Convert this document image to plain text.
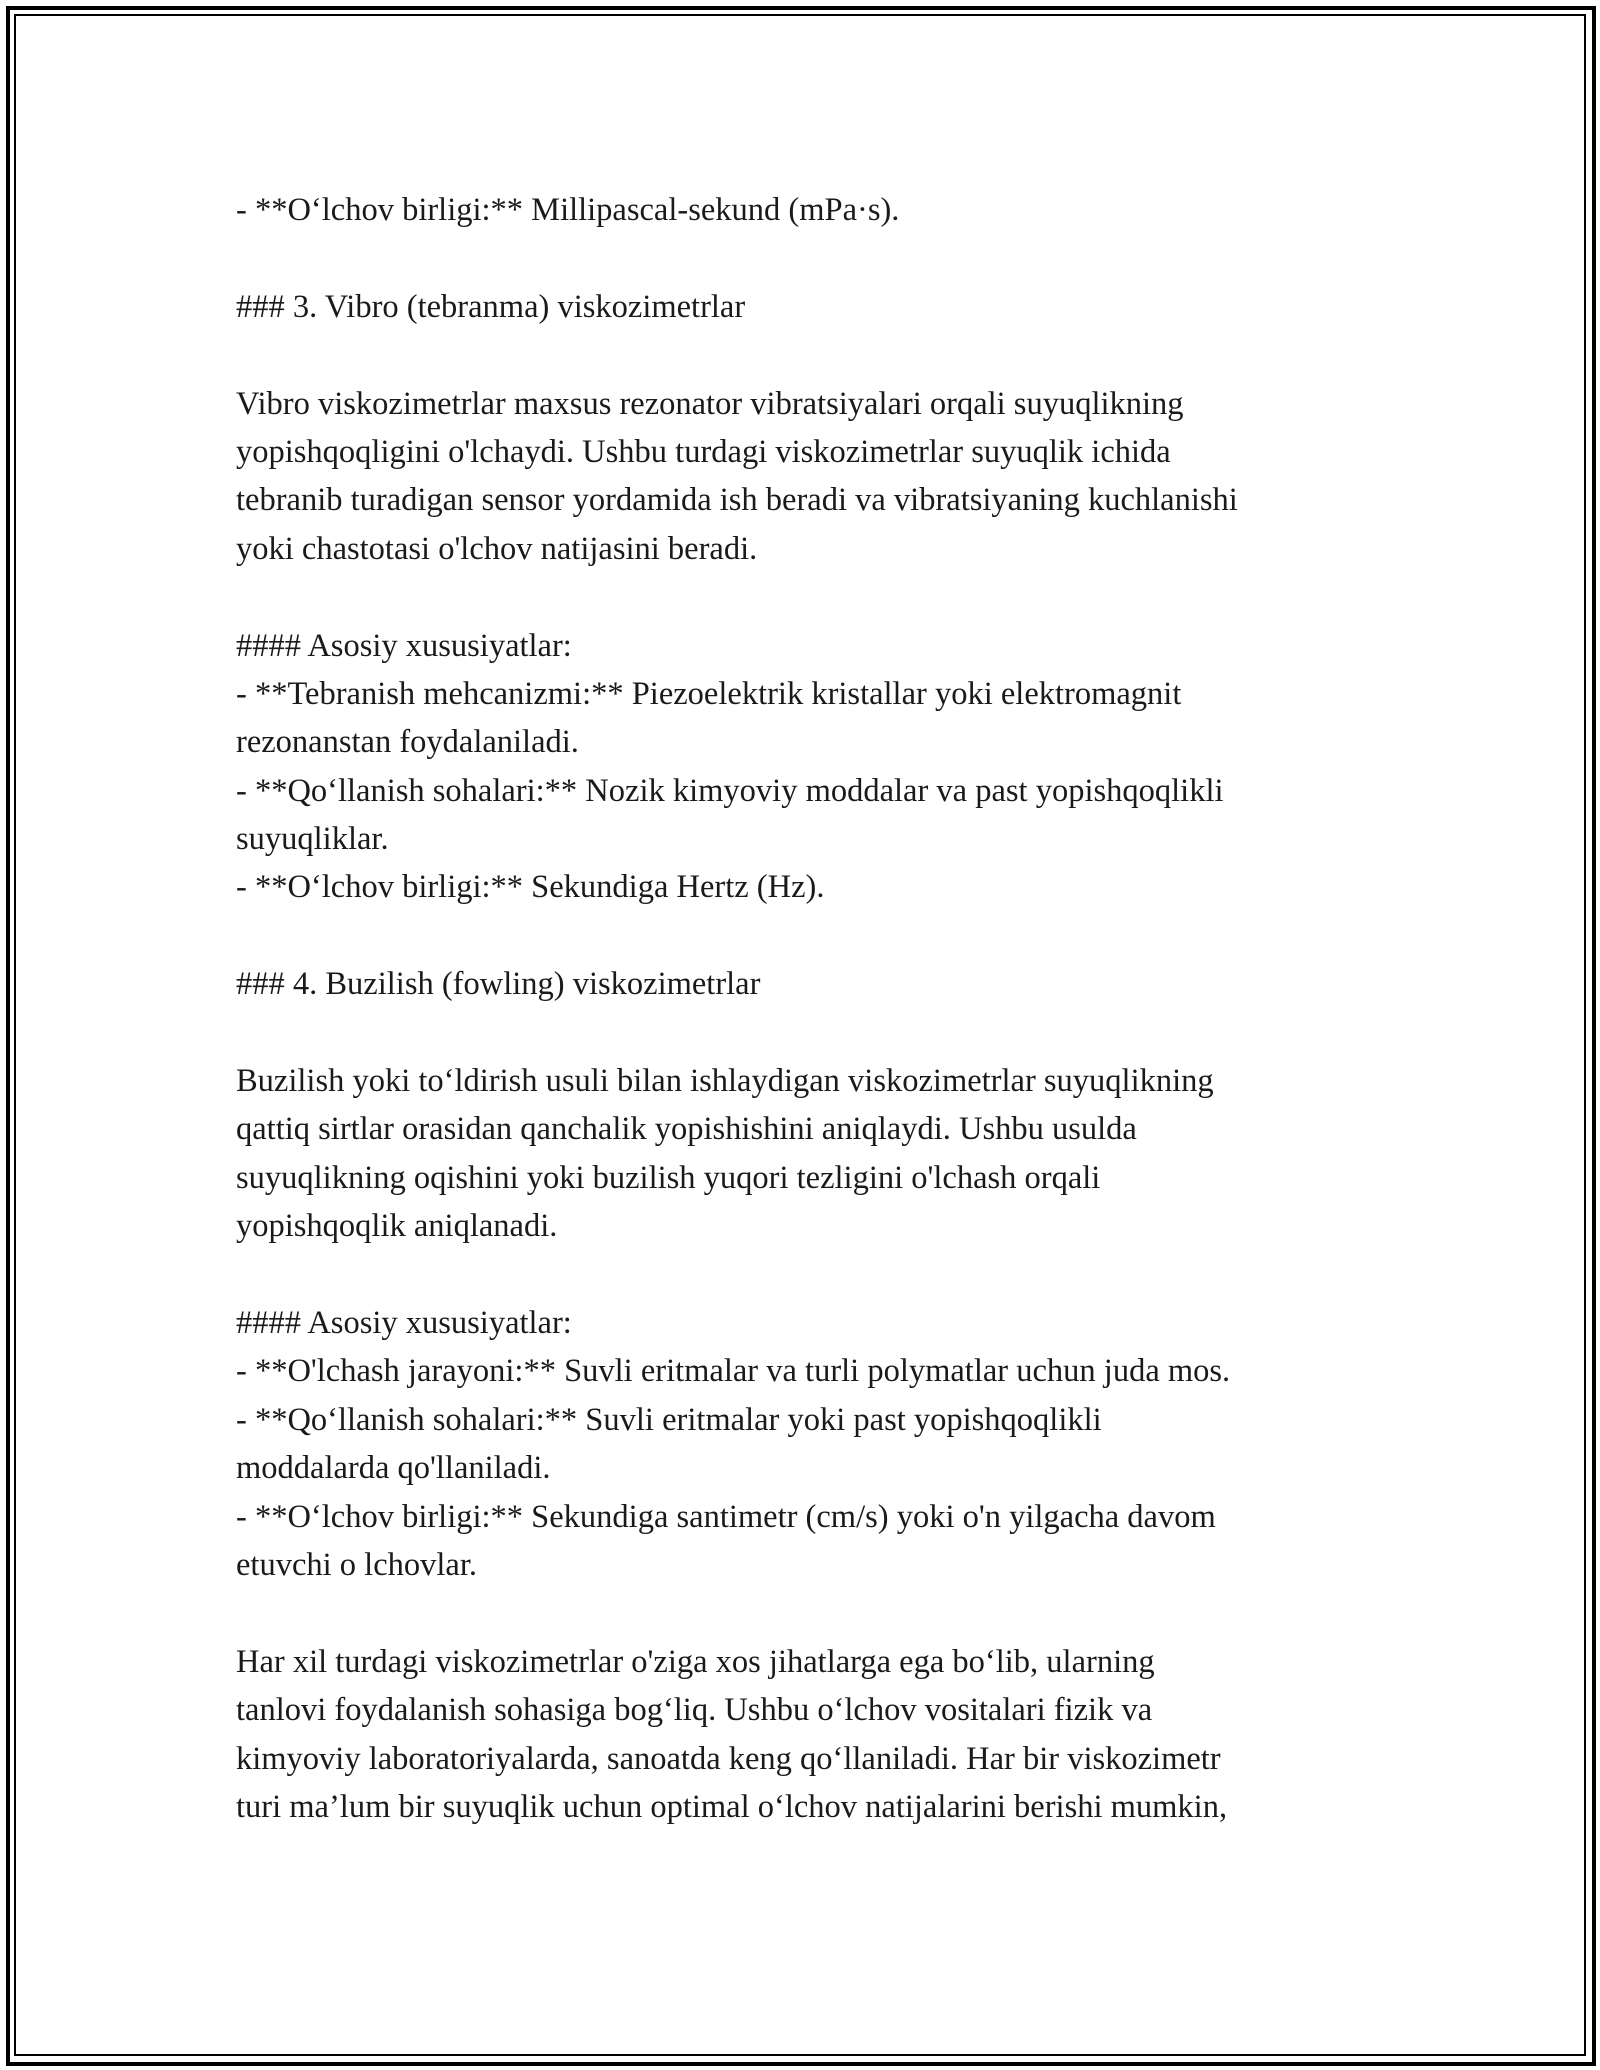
- **O‘lchov birligi:** Millipascal-sekund (mPa·s).
### 3. Vibro (tebranma) viskozimetrlar
Vibro viskozimetrlar maxsus rezonator vibratsiyalari orqali suyuqlikning
yopishqoqligini o'lchaydi. Ushbu turdagi viskozimetrlar suyuqlik ichida
tebranib turadigan sensor yordamida ish beradi va vibratsiyaning kuchlanishi
yoki chastotasi o'lchov natijasini beradi.
#### Asosiy xususiyatlar:
- **Tebranish mehcanizmi:** Piezoelektrik kristallar yoki elektromagnit
rezonanstan foydalaniladi.
- **Qo‘llanish sohalari:** Nozik kimyoviy moddalar va past yopishqoqlikli
suyuqliklar.
- **O‘lchov birligi:** Sekundiga Hertz (Hz).
### 4. Buzilish (fowling) viskozimetrlar
Buzilish yoki to‘ldirish usuli bilan ishlaydigan viskozimetrlar suyuqlikning
qattiq sirtlar orasidan qanchalik yopishishini aniqlaydi. Ushbu usulda
suyuqlikning oqishini yoki buzilish yuqori tezligini o'lchash orqali
yopishqoqlik aniqlanadi.
#### Asosiy xususiyatlar:
- **O'lchash jarayoni:** Suvli eritmalar va turli polymatlar uchun juda mos.
- **Qo‘llanish sohalari:** Suvli eritmalar yoki past yopishqoqlikli
moddalarda qo'llaniladi.
- **O‘lchov birligi:** Sekundiga santimetr (cm/s) yoki o'n yilgacha davom
etuvchi o lchovlar.
Har xil turdagi viskozimetrlar o'ziga xos jihatlarga ega bo‘lib, ularning
tanlovi foydalanish sohasiga bog‘liq. Ushbu o‘lchov vositalari fizik va
kimyoviy laboratoriyalarda, sanoatda keng qo‘llaniladi. Har bir viskozimetr
turi ma’lum bir suyuqlik uchun optimal o‘lchov natijalarini berishi mumkin,
